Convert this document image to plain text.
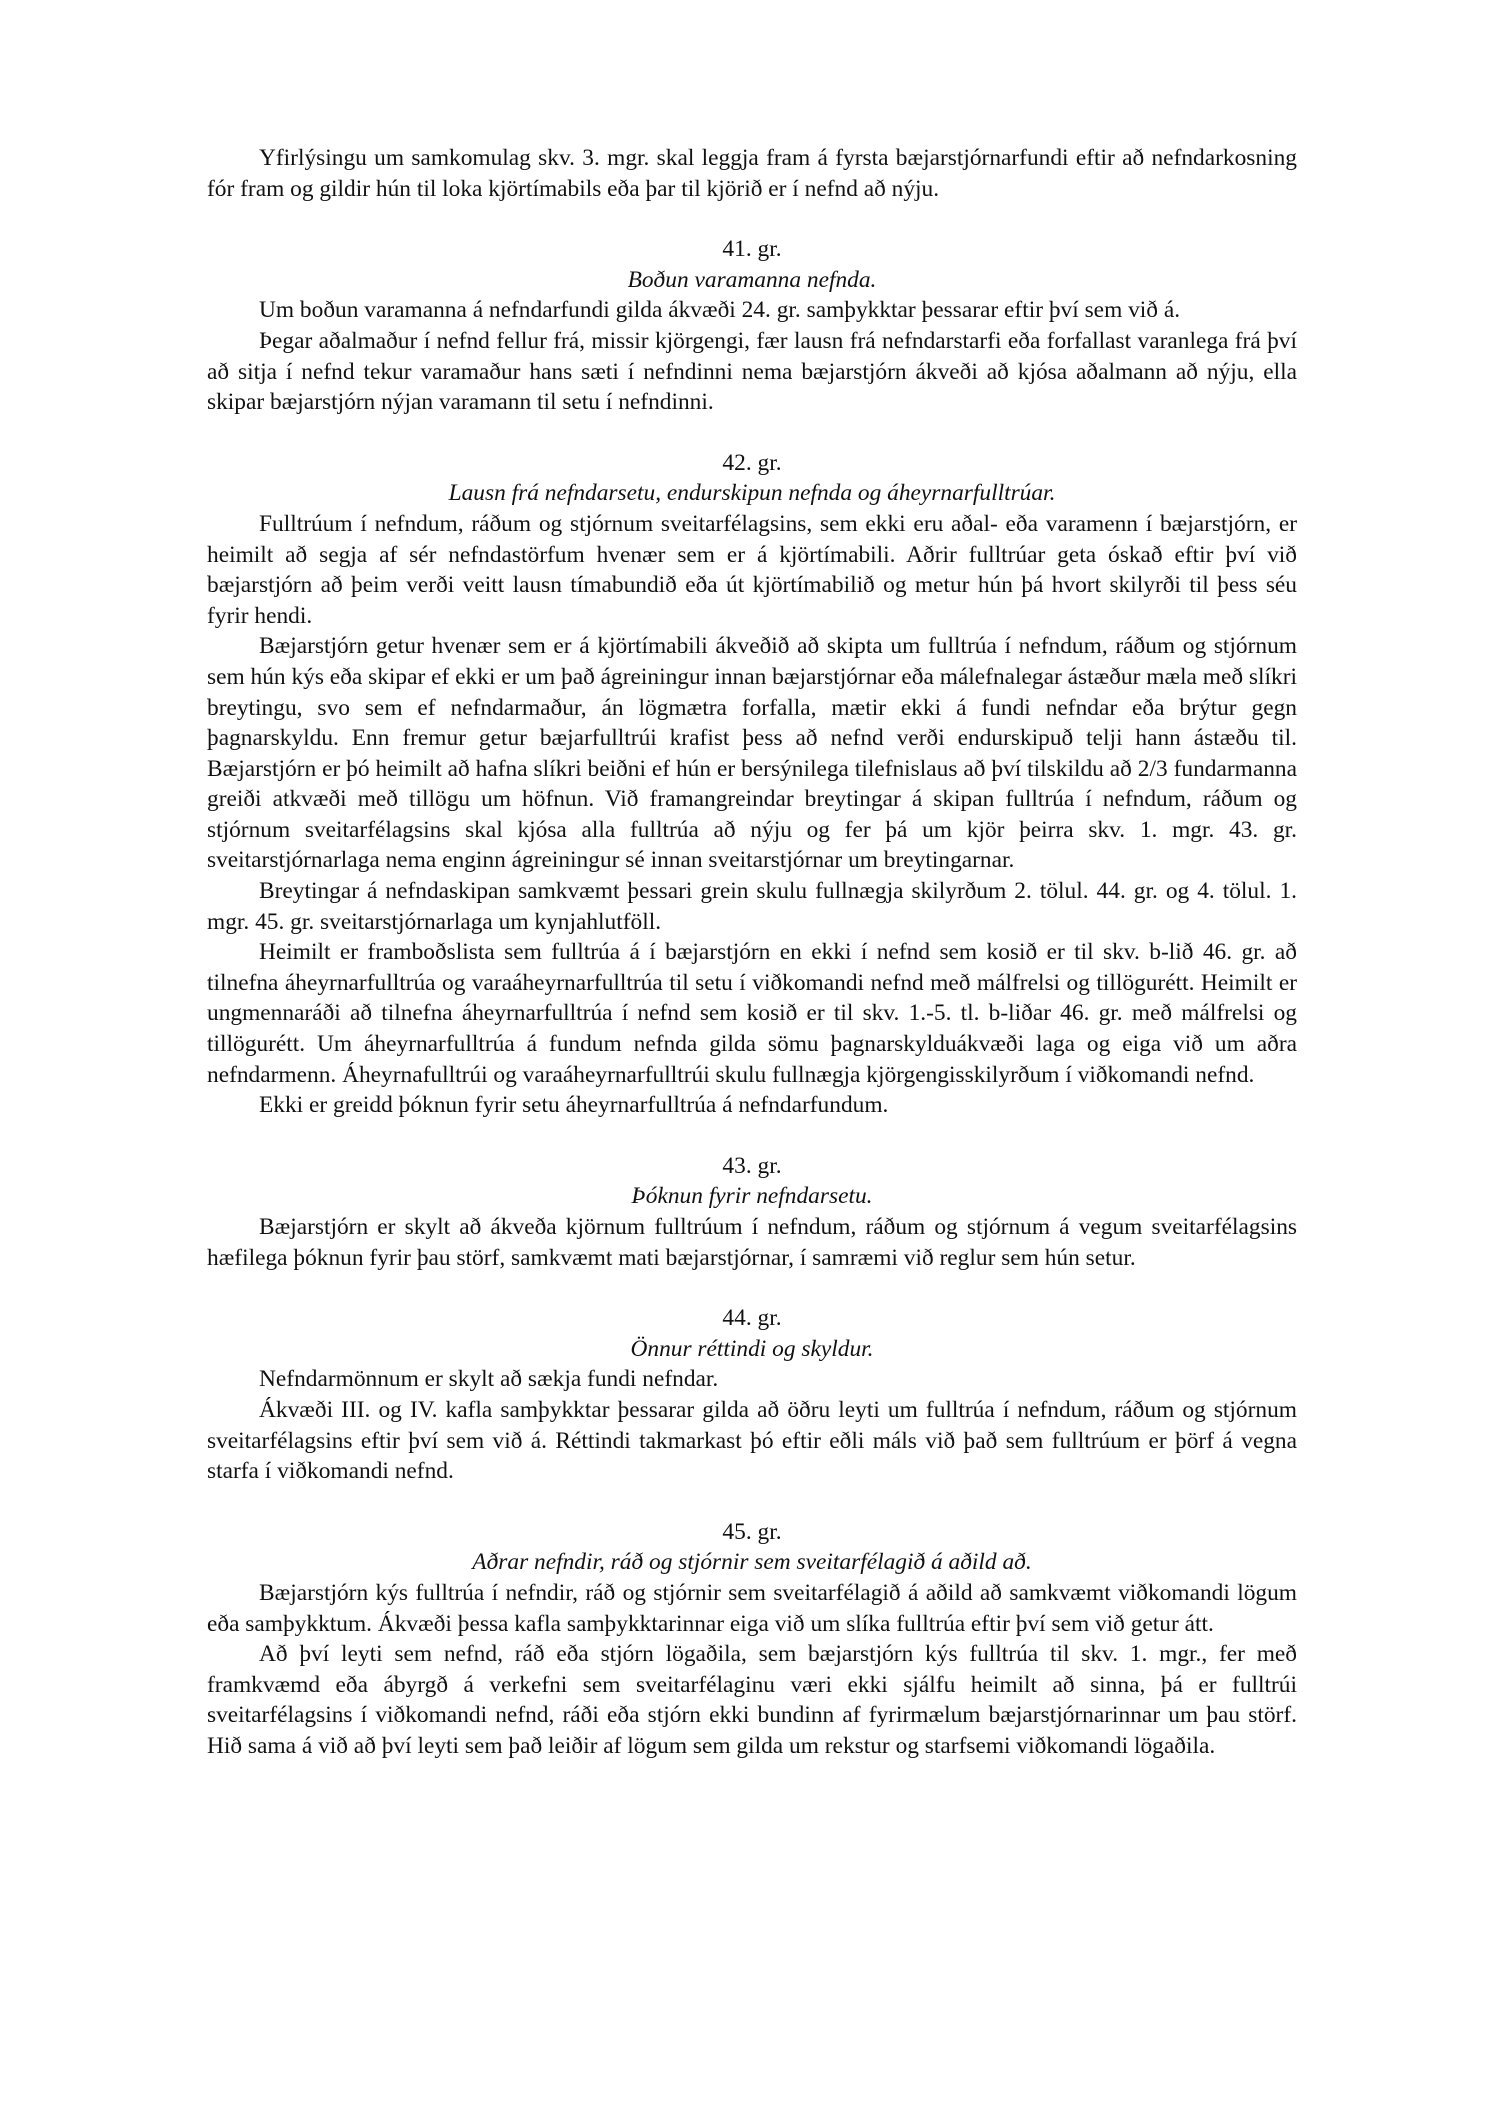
Yfirlýsingu um samkomulag skv. 3. mgr. skal leggja fram á fyrsta bæjarstjórnarfundi eftir að nefndarkosning fór fram og gildir hún til loka kjörtímabils eða þar til kjörið er í nefnd að nýju.

41. gr.

Boðun varamanna nefnda.

Um boðun varamanna á nefndarfundi gilda ákvæði 24. gr. samþykktar þessarar eftir því sem við á.

Þegar aðalmaður í nefnd fellur frá, missir kjörgengi, fær lausn frá nefndarstarfi eða forfallast varanlega frá því að sitja í nefnd tekur varamaður hans sæti í nefndinni nema bæjarstjórn ákveði að kjósa aðalmann að nýju, ella skipar bæjarstjórn nýjan varamann til setu í nefndinni.

42. gr.

Lausn frá nefndarsetu, endurskipun nefnda og áheyrnarfulltrúar.

Fulltrúum í nefndum, ráðum og stjórnum sveitarfélagsins, sem ekki eru aðal- eða varamenn í bæjarstjórn, er heimilt að segja af sér nefndastörfum hvenær sem er á kjörtímabili. Aðrir fulltrúar geta óskað eftir því við bæjarstjórn að þeim verði veitt lausn tímabundið eða út kjörtímabilið og metur hún þá hvort skilyrði til þess séu fyrir hendi.

Bæjarstjórn getur hvenær sem er á kjörtímabili ákveðið að skipta um fulltrúa í nefndum, ráðum og stjórnum sem hún kýs eða skipar ef ekki er um það ágreiningur innan bæjarstjórnar eða málefnalegar ástæður mæla með slíkri breytingu, svo sem ef nefndarmaður, án lögmætra forfalla, mætir ekki á fundi nefndar eða brýtur gegn þagnarskyldu. Enn fremur getur bæjarfulltrúi krafist þess að nefnd verði endurskipuð telji hann ástæðu til. Bæjarstjórn er þó heimilt að hafna slíkri beiðni ef hún er bersýnilega tilefnislaus að því tilskildu að 2/3 fundarmanna greiði atkvæði með tillögu um höfnun. Við framangreindar breytingar á skipan fulltrúa í nefndum, ráðum og stjórnum sveitarfélagsins skal kjósa alla fulltrúa að nýju og fer þá um kjör þeirra skv. 1. mgr. 43. gr. sveitarstjórnarlaga nema enginn ágreiningur sé innan sveitarstjórnar um breytingarnar.

Breytingar á nefndaskipan samkvæmt þessari grein skulu fullnægja skilyrðum 2. tölul. 44. gr. og 4. tölul. 1. mgr. 45. gr. sveitarstjórnarlaga um kynjahlutföll.

Heimilt er framboðslista sem fulltrúa á í bæjarstjórn en ekki í nefnd sem kosið er til skv. b-lið 46. gr. að tilnefna áheyrnarfulltrúa og varaáheyrnarfulltrúa til setu í viðkomandi nefnd með málfrelsi og tillögurétt. Heimilt er ungmennaráði að tilnefna áheyrnarfulltrúa í nefnd sem kosið er til skv. 1.-5. tl. b-liðar 46. gr. með málfrelsi og tillögurétt. Um áheyrnarfulltrúa á fundum nefnda gilda sömu þagnarskylduákvæði laga og eiga við um aðra nefndarmenn. Áheyrnafulltrúi og varaáheyrnarfulltrúi skulu fullnægja kjörgengisskilyrðum í viðkomandi nefnd.

Ekki er greidd þóknun fyrir setu áheyrnarfulltrúa á nefndarfundum.

43. gr.

Þóknun fyrir nefndarsetu.

Bæjarstjórn er skylt að ákveða kjörnum fulltrúum í nefndum, ráðum og stjórnum á vegum sveitarfélagsins hæfilega þóknun fyrir þau störf, samkvæmt mati bæjarstjórnar, í samræmi við reglur sem hún setur.

44. gr.

Önnur réttindi og skyldur.

Nefndarmönnum er skylt að sækja fundi nefndar.

Ákvæði III. og IV. kafla samþykktar þessarar gilda að öðru leyti um fulltrúa í nefndum, ráðum og stjórnum sveitarfélagsins eftir því sem við á. Réttindi takmarkast þó eftir eðli máls við það sem fulltrúum er þörf á vegna starfa í viðkomandi nefnd.

45. gr.

Aðrar nefndir, ráð og stjórnir sem sveitarfélagið á aðild að.

Bæjarstjórn kýs fulltrúa í nefndir, ráð og stjórnir sem sveitarfélagið á aðild að samkvæmt viðkomandi lögum eða samþykktum. Ákvæði þessa kafla samþykktarinnar eiga við um slíka fulltrúa eftir því sem við getur átt.

Að því leyti sem nefnd, ráð eða stjórn lögaðila, sem bæjarstjórn kýs fulltrúa til skv. 1. mgr., fer með framkvæmd eða ábyrgð á verkefni sem sveitarfélaginu væri ekki sjálfu heimilt að sinna, þá er fulltrúi sveitarfélagsins í viðkomandi nefnd, ráði eða stjórn ekki bundinn af fyrirmælum bæjarstjórnarinnar um þau störf. Hið sama á við að því leyti sem það leiðir af lögum sem gilda um rekstur og starfsemi viðkomandi lögaðila.
